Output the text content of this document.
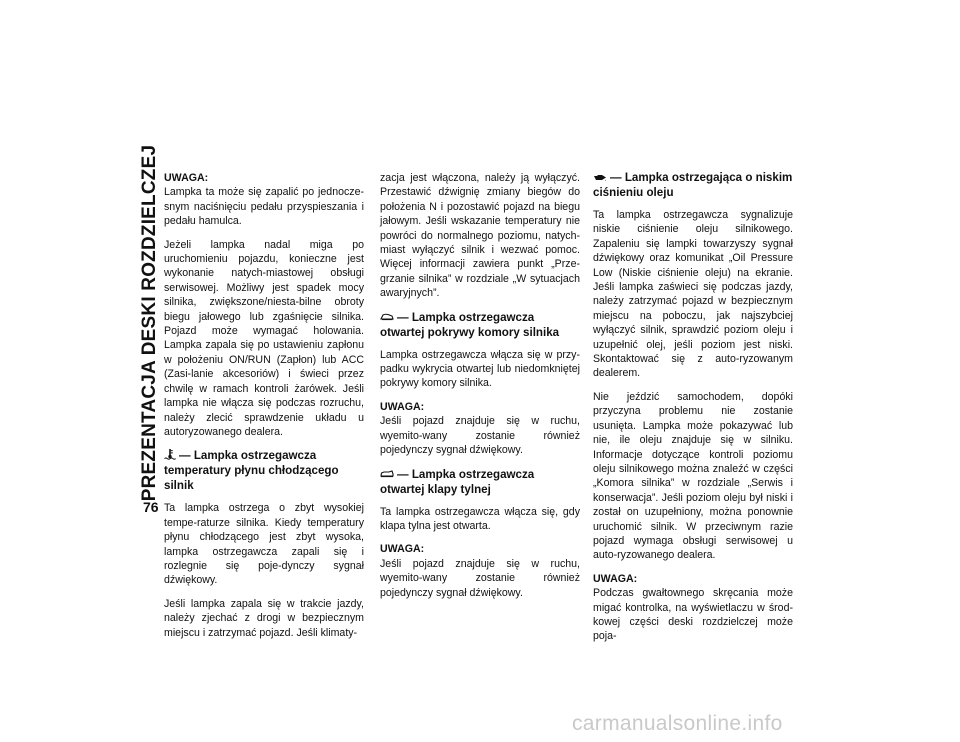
PREZENTACJA DESKI ROZDZIELCZEJ
76

UWAGA:

Lampka ta może się zapalić po jednocze-snym naciśnięciu pedału przyspieszania i pedału hamulca.

Jeżeli lampka nadal miga po uruchomieniu pojazdu, konieczne jest wykonanie natych-miastowej obsługi serwisowej. Możliwy jest spadek mocy silnika, zwiększone/niesta-bilne obroty biegu jałowego lub zgaśnięcie silnika. Pojazd może wymagać holowania. Lampka zapala się po ustawieniu zapłonu w położeniu ON/RUN (Zapłon) lub ACC (Zasi-lanie akcesoriów) i świeci przez chwilę w ramach kontroli żarówek. Jeśli lampka nie włącza się podczas rozruchu, należy zlecić sprawdzenie układu u autoryzowanego dealera.

— Lampka ostrzegawcza temperatury płynu chłodzącego silnik

Ta lampka ostrzega o zbyt wysokiej tempe-raturze silnika. Kiedy temperatury płynu chłodzącego jest zbyt wysoka, lampka ostrzegawcza zapali się i rozlegnie się poje-dynczy sygnał dźwiękowy.

Jeśli lampka zapala się w trakcie jazdy, należy zjechać z drogi w bezpiecznym miejscu i zatrzymać pojazd. Jeśli klimaty-

zacja jest włączona, należy ją wyłączyć. Przestawić dźwignię zmiany biegów do położenia N i pozostawić pojazd na biegu jałowym. Jeśli wskazanie temperatury nie powróci do normalnego poziomu, natych-miast wyłączyć silnik i wezwać pomoc. Więcej informacji zawiera punkt „Prze-grzanie silnika” w rozdziale „W sytuacjach awaryjnych”.

— Lampka ostrzegawcza otwartej pokrywy komory silnika

Lampka ostrzegawcza włącza się w przy-padku wykrycia otwartej lub niedomkniętej pokrywy komory silnika.

UWAGA:

Jeśli pojazd znajduje się w ruchu, wyemito-wany zostanie również pojedynczy sygnał dźwiękowy.

— Lampka ostrzegawcza otwartej klapy tylnej

Ta lampka ostrzegawcza włącza się, gdy klapa tylna jest otwarta.

UWAGA:

Jeśli pojazd znajduje się w ruchu, wyemito-wany zostanie również pojedynczy sygnał dźwiękowy.

— Lampka ostrzegająca o niskim ciśnieniu oleju

Ta lampka ostrzegawcza sygnalizuje niskie ciśnienie oleju silnikowego. Zapaleniu się lampki towarzyszy sygnał dźwiękowy oraz komunikat „Oil Pressure Low (Niskie ciśnienie oleju) na ekranie. Jeśli lampka zaświeci się podczas jazdy, należy zatrzymać pojazd w bezpiecznym miejscu na poboczu, jak najszybciej wyłączyć silnik, sprawdzić poziom oleju i uzupełnić olej, jeśli poziom jest niski. Skontaktować się z auto-ryzowanym dealerem.

Nie jeździć samochodem, dopóki przyczyna problemu nie zostanie usunięta. Lampka może pokazywać lub nie, ile oleju znajduje się w silniku. Informacje dotyczące kontroli poziomu oleju silnikowego można znaleźć w części „Komora silnika” w rozdziale „Serwis i konserwacja”. Jeśli poziom oleju był niski i został on uzupełniony, można ponownie uruchomić silnik. W przeciwnym razie pojazd wymaga obsługi serwisowej u auto-ryzowanego dealera.

UWAGA:

Podczas gwałtownego skręcania może migać kontrolka, na wyświetlaczu w środ-kowej części deski rozdzielczej może poja-

carmanualsonline.info
